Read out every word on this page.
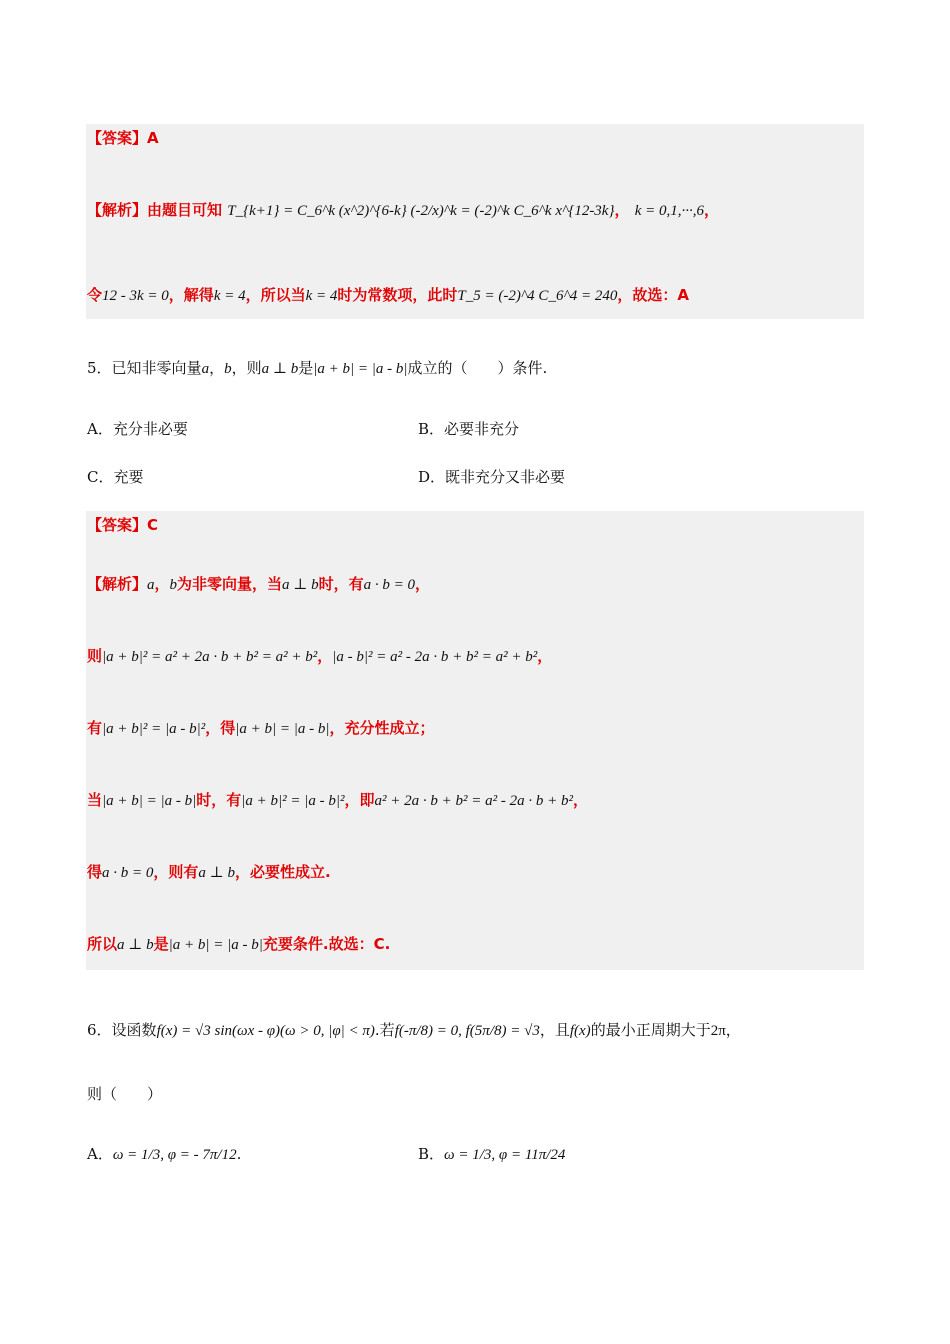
【答案】A
【解析】由题目可知 T_{k+1} = C_6^k (x^2)^{6-k} (-2/x)^k = (-2)^k C_6^k x^{12-3k}， k = 0,1,···,6，
令12 - 3k = 0，解得k = 4，所以当k = 4时为常数项，此时T_5 = (-2)^4 C_6^4 = 240，故选：A
5．已知非零向量a，b，则a ⊥ b是|a + b| = |a - b|成立的（　　）条件.
A．充分非必要	B．必要非充分
C．充要	D．既非充分又非必要
【答案】C
【解析】a，b为非零向量，当a ⊥ b时，有a · b = 0，
则|a + b|² = a² + 2a · b + b² = a² + b²，|a - b|² = a² - 2a · b + b² = a² + b²，
有|a + b|² = |a - b|²，得|a + b| = |a - b|，充分性成立；
当|a + b| = |a - b|时，有|a + b|² = |a - b|²，即a² + 2a · b + b² = a² - 2a · b + b²，
得a · b = 0，则有a ⊥ b，必要性成立.
所以a ⊥ b是|a + b| = |a - b|充要条件.故选：C.
6．设函数f(x) = √3 sin(ωx - φ)(ω > 0, |φ| < π).若f(-π/8) = 0, f(5π/8) = √3，且f(x)的最小正周期大于2π，
则（　　）
A．ω = 1/3, φ = - 7π/12.	B．ω = 1/3, φ = 11π/24
